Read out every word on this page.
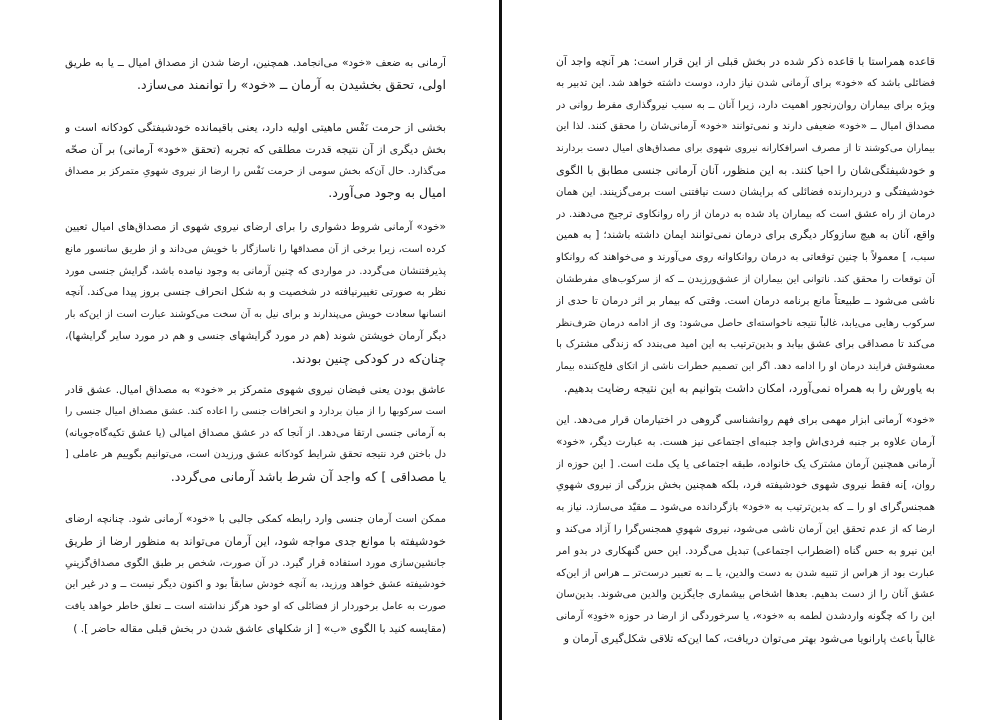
آرمانی به ضعف «خود» می‌انجامد. همچنین، ارضا شدن از مصداق امیال ــ یا به طریق
اولی، تحقق بخشیدن به آرمان ــ «خود» را توانمند می‌سازد.
بخشی از حرمت نَفْس ماهیتی اولیه دارد، یعنی باقیمانده خودشیفتگی کودکانه است و
بخش دیگری از آن نتیجه قدرت مطلقی که تجربه (تحقق «خود» آرمانی) بر آن صحّه
می‌گذارد. حال آن‌که بخش سومی از حرمت نَفْس را ارضا از نیروی شهویِ متمرکز بر مصداق
امیال به وجود می‌آورد.
«خود» آرمانی شروط دشواری را برای ارضای نیروی شهوی از مصداق‌های امیال تعیین
کرده است، زیرا برخی از آن مصداقها را ناسازگار با خویش می‌داند و از طریق سانسور مانع
پذیرفتنشان می‌گردد. در مواردی که چنین آرمانی به وجود نیامده باشد، گرایش جنسی مورد
نظر به صورتی تغییرنیافته در شخصیت و به شکل انحراف جنسی بروز پیدا می‌کند. آنچه
انسانها سعادت خویش می‌پندارند و برای نیل به آن سخت می‌کوشند عبارت است از این‌که بار
دیگر آرمان خویشتن شوند (هم در مورد گرایشهای جنسی و هم در مورد سایر گرایشها)،
چنان‌که در کودکی چنین بودند.
عاشق بودن یعنی فیضان نیروی شهوی متمرکز بر «خود» به مصداق امیال. عشق قادر
است سرکوبها را از میان بردارد و انحرافات جنسی را اعاده کند. عشق مصداق امیال جنسی را
به آرمانی جنسی ارتقا می‌دهد. از آنجا که در عشق مصداق امیالی (یا عشق تکیه‌گاه‌جویانه)
دل باختن فرد نتیجه تحقق شرایط کودکانه عشق ورزیدن است، می‌توانیم بگوییم هر عاملی [
یا مصداقی ] که واجد آن شرط باشد آرمانی می‌گردد.
ممکن است آرمان جنسی وارد رابطه کمکی جالبی با «خود» آرمانی شود. چنانچه ارضای
خودشیفته با موانع جدی مواجه شود، این آرمان می‌تواند به منظور ارضا از طریق
جانشین‌سازی مورد استفاده قرار گیرد. در آن صورت، شخص بر طبق الگوی مصداق‌گزینیِ
خودشیفته عشق خواهد ورزید، به آنچه خودش سابقاً بود و اکنون دیگر نیست ــ و در غیر این
صورت به عامل برخوردار از فضائلی که او خود هرگز نداشته است ــ تعلق خاطر خواهد یافت
(مقایسه کنید با الگوی «ب» [ از شکلهای عاشق شدن در بخش قبلی مقاله حاضر ]. )
قاعده همراستا با قاعده ذکر شده در بخش قبلی از این قرار است: هر آنچه واجد آن
فضائلی باشد که «خود» برای آرمانی شدن نیاز دارد، دوست داشته خواهد شد. این تدبیر به
ویژه برای بیماران روان‌رنجور اهمیت دارد، زیرا آنان ــ به سبب نیروگذاری مفرط روانی در
مصداق امیال ــ «خود» ضعیفی دارند و نمی‌توانند «خود» آرمانی‌شان را محقق کنند. لذا این
بیماران می‌کوشند تا از مصرف اسرافکارانه نیروی شهوی برای مصداق‌های امیال دست بردارند
و خودشیفتگی‌شان را احیا کنند. به این منظور، آنان آرمانی جنسی مطابق با الگوی
خودشیفتگی و دربردارنده فضائلی که برایشان دست نیافتنی است برمی‌گزینند. این همان
درمان از راه عشق است که بیماران یاد شده به درمان از راه روانکاوی ترجیح می‌دهند. در
واقع، آنان به هیچ سازوکار دیگری برای درمان نمی‌توانند ایمان داشته باشند؛ [ به همین
سبب، ] معمولاً با چنین توقعاتی به درمان روانکاوانه روی می‌آورند و می‌خواهند که روانکاو
آن توقعات را محقق کند. ناتوانی این بیماران از عشق‌ورزیدن ــ که از سرکوب‌های مفرطشان
ناشی می‌شود ــ طبیعتاً مانع برنامه درمان است. وقتی که بیمار بر اثر درمان تا حدی از
سرکوب رهایی می‌یابد، غالباً نتیجه ناخواسته‌ای حاصل می‌شود: وی از ادامه درمان صَرف‌نظر
می‌کند تا مصداقی برای عشق بیابد و بدین‌ترتیب به این امید می‌بندد که زندگی مشترک با
معشوقش فرایند درمان او را ادامه دهد. اگر این تصمیم خطرات ناشی از اتکای فلج‌کننده بیمار
به یاورش را به همراه نمی‌آورد، امکان داشت بتوانیم به این نتیجه رضایت بدهیم.
«خود» آرمانی ابزار مهمی برای فهم روانشناسی گروهی در اختیارمان قرار می‌دهد. این
آرمان علاوه بر جنبه فردی‌اش واجد جنبه‌ای اجتماعی نیز هست. به عبارت دیگر، «خود»
آرمانی همچنین آرمان مشترک یک خانواده، طبقه اجتماعی یا یک ملت است. [ این حوزه از
روان، ]نه فقط نیروی شهوی خودشیفته فرد، بلکه همچنین بخش بزرگی از نیروی شهویِ
همجنس‌گرای او را ــ که بدین‌ترتیب به «خود» بازگردانده می‌شود ــ مقیّد می‌سازد. نیاز به
ارضا که از عدم تحقق این آرمان ناشی می‌شود، نیروی شهویِ همجنس‌گرا را آزاد می‌کند و
این نیرو به حس گناه (اضطراب اجتماعی) تبدیل می‌گردد. این حس گنهکاری در بدو امر
عبارت بود از هراس از تنبیه شدن به دست والدین، یا ــ به تعبیر درست‌تر ــ هراس از این‌که
عشق آنان را از دست بدهیم. بعدها اشخاص بیشماری جایگزین والدین می‌شوند. بدین‌سان
این را که چگونه واردشدن لطمه به «خود»، یا سرخوردگی از ارضا در حوزه «خودِ» آرمانی
غالباً باعث پارانویا می‌شود بهتر می‌توان دریافت، کما این‌که تلاقی شکل‌گیری آرمان و
